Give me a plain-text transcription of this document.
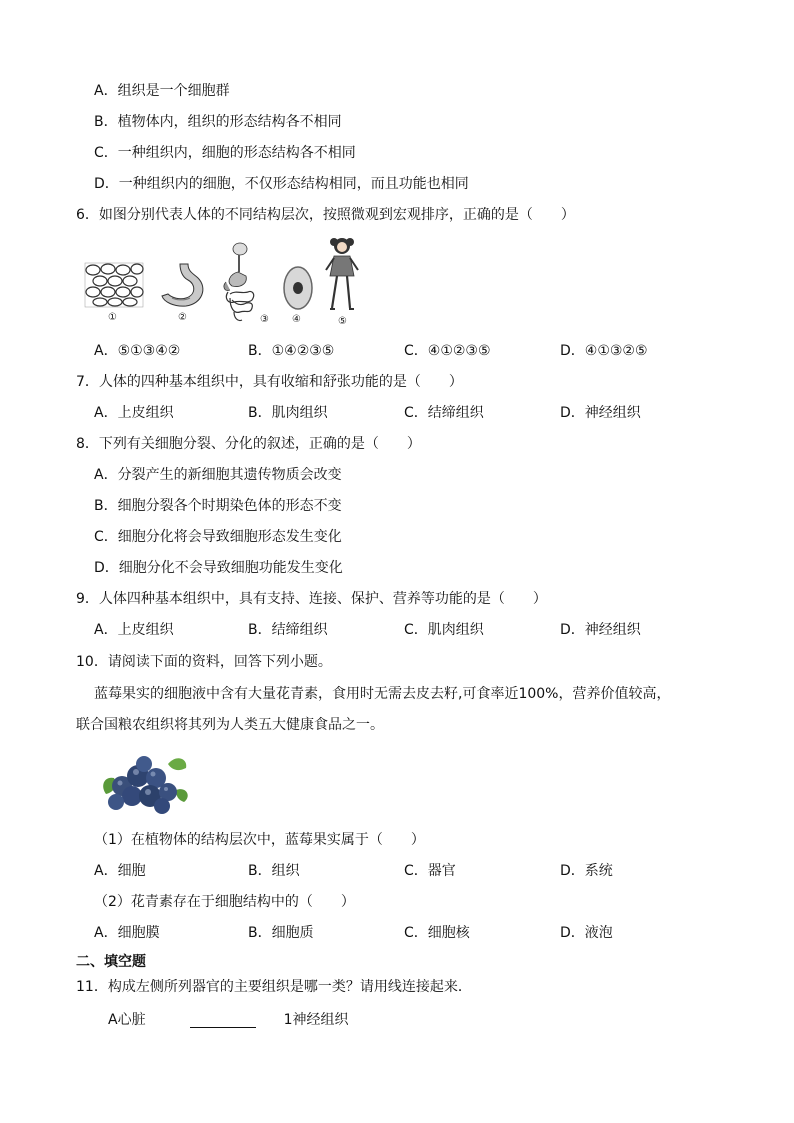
A．组织是一个细胞群
B．植物体内，组织的形态结构各不相同
C．一种组织内，细胞的形态结构各不相同
D．一种组织内的细胞，不仅形态结构相同，而且功能也相同
6．如图分别代表人体的不同结构层次，按照微观到宏观排序，正确的是（　　）
①	②	③ ④	⑤
A．⑤①③④②	B．①④②③⑤	C．④①②③⑤	D．④①③②⑤
7．人体的四种基本组织中，具有收缩和舒张功能的是（　　）
A．上皮组织	B．肌肉组织	C．结缔组织	D．神经组织
8．下列有关细胞分裂、分化的叙述，正确的是（　　）
A．分裂产生的新细胞其遗传物质会改变
B．细胞分裂各个时期染色体的形态不变
C．细胞分化将会导致细胞形态发生变化
D．细胞分化不会导致细胞功能发生变化
9．人体四种基本组织中，具有支持、连接、保护、营养等功能的是（　　）
A．上皮组织	B．结缔组织	C．肌肉组织	D．神经组织
10．请阅读下面的资料，回答下列小题。
蓝莓果实的细胞液中含有大量花青素，食用时无需去皮去籽,可食率近100%，营养价值较高，
联合国粮农组织将其列为人类五大健康食品之一。
（1）在植物体的结构层次中，蓝莓果实属于（　　）
A．细胞	B．组织	C．器官	D．系统
（2）花青素存在于细胞结构中的（　　）
A．细胞膜	B．细胞质	C．细胞核	D．液泡
二、填空题
11．构成左侧所列器官的主要组织是哪一类？请用线连接起来．
A心脏	1神经组织
